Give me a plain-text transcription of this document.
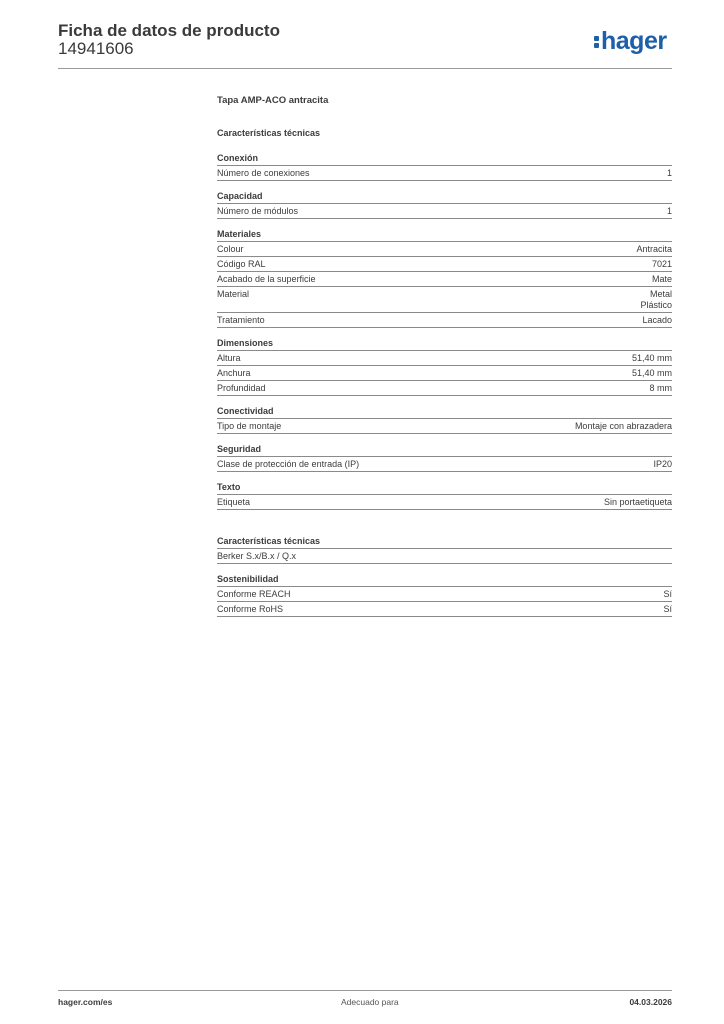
Ficha de datos de producto
14941606	hager
Tapa AMP-ACO antracita
Características técnicas
Conexión
Número de conexiones	1
Capacidad
Número de módulos	1
Materiales
Colour	Antracita
Código RAL	7021
Acabado de la superficie	Mate
Material	Metal
Plástico
Tratamiento	Lacado
Dimensiones
Altura	51,40 mm
Anchura	51,40 mm
Profundidad	8 mm
Conectividad
Tipo de montaje	Montaje con abrazadera
Seguridad
Clase de protección de entrada (IP)	IP20
Texto
Etiqueta	Sin portaetiqueta
Características técnicas
Berker S.x/B.x / Q.x
Sostenibilidad
Conforme REACH	Sí
Conforme RoHS	Sí
hager.com/es	Adecuado para	04.03.2026
